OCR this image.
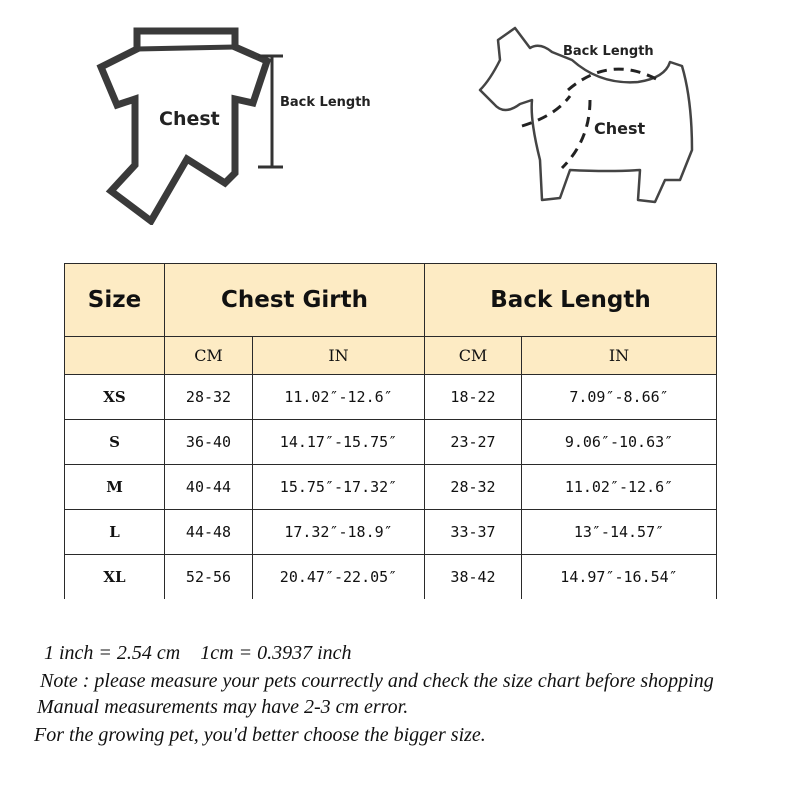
Chest
Back Length
Back Length
Chest
Size	Chest Girth		Back Length	
	CM	IN	CM	IN
XS	28-32	11.02″-12.6″	18-22	7.09″-8.66″
S	36-40	14.17″-15.75″	23-27	9.06″-10.63″
M	40-44	15.75″-17.32″	28-32	11.02″-12.6″
L	44-48	17.32″-18.9″	33-37	13″-14.57″
XL	52-56	20.47″-22.05″	38-42	14.97″-16.54″
1 inch = 2.54 cm    1cm = 0.3937 inch
Note : please measure your pets courrectly and check the size chart before shopping
Manual measurements may have 2-3 cm error.
For the growing pet, you'd better choose the bigger size.
